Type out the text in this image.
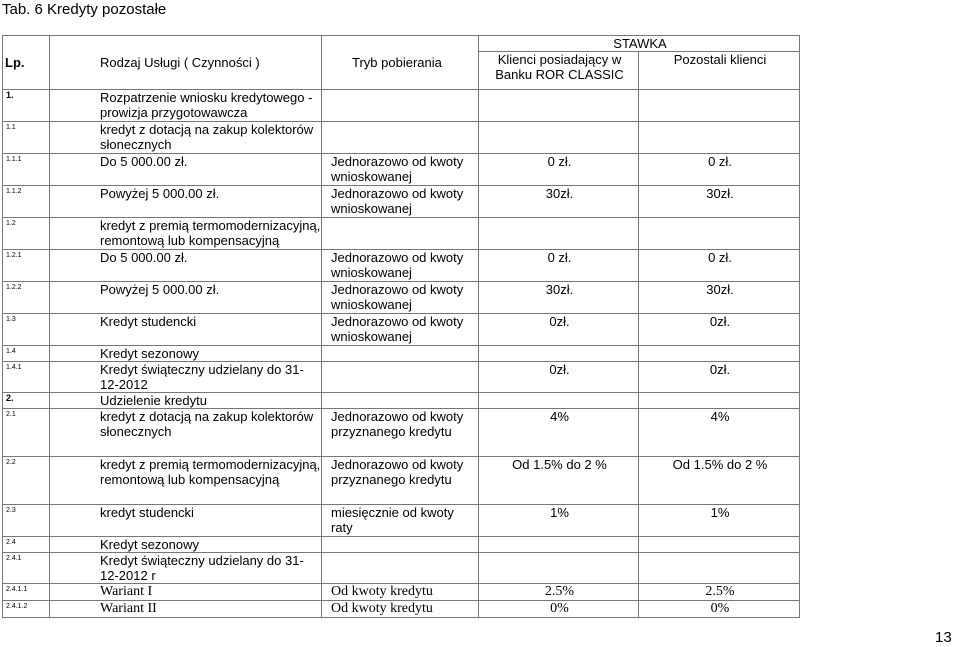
Tab. 6 Kredyty pozostałe
Lp.	Rodzaj Usługi ( Czynności )	Tryb pobierania	STAWKA	
			Klienci posiadający w Banku ROR CLASSIC	Pozostali klienci
1.	Rozpatrzenie wniosku kredytowego - prowizja przygotowawcza			
1.1	kredyt z dotacją na zakup kolektorów słonecznych			
1.1.1	Do 5 000.00 zł.	Jednorazowo od kwoty wnioskowanej	0 zł.	0 zł.
1.1.2	Powyżej 5 000.00 zł.	Jednorazowo od kwoty wnioskowanej	30zł.	30zł.
1.2	kredyt z premią termomodernizacyjną, remontową lub kompensacyjną			
1.2.1	Do 5 000.00 zł.	Jednorazowo od kwoty wnioskowanej	0 zł.	0 zł.
1.2.2	Powyżej 5 000.00 zł.	Jednorazowo od kwoty wnioskowanej	30zł.	30zł.
1.3	Kredyt studencki	Jednorazowo od kwoty wnioskowanej	0zł.	0zł.
1.4	Kredyt sezonowy			
1.4.1	Kredyt świąteczny udzielany do 31-12-2012		0zł.	0zł.
2.	Udzielenie kredytu			
2.1	kredyt z dotacją na zakup kolektorów słonecznych	Jednorazowo od kwoty przyznanego kredytu	4%	4%
2.2	kredyt z premią termomodernizacyjną, remontową lub kompensacyjną	Jednorazowo od kwoty przyznanego kredytu	Od 1.5% do 2 %	Od 1.5% do 2 %
2.3	kredyt studencki	miesięcznie od kwoty raty	1%	1%
2.4	Kredyt sezonowy			
2.4.1	Kredyt świąteczny udzielany do 31-12-2012 r			
2.4.1.1	Wariant I	Od kwoty kredytu	2.5%	2.5%
2.4.1.2	Wariant II	Od kwoty kredytu	0%	0%
13
